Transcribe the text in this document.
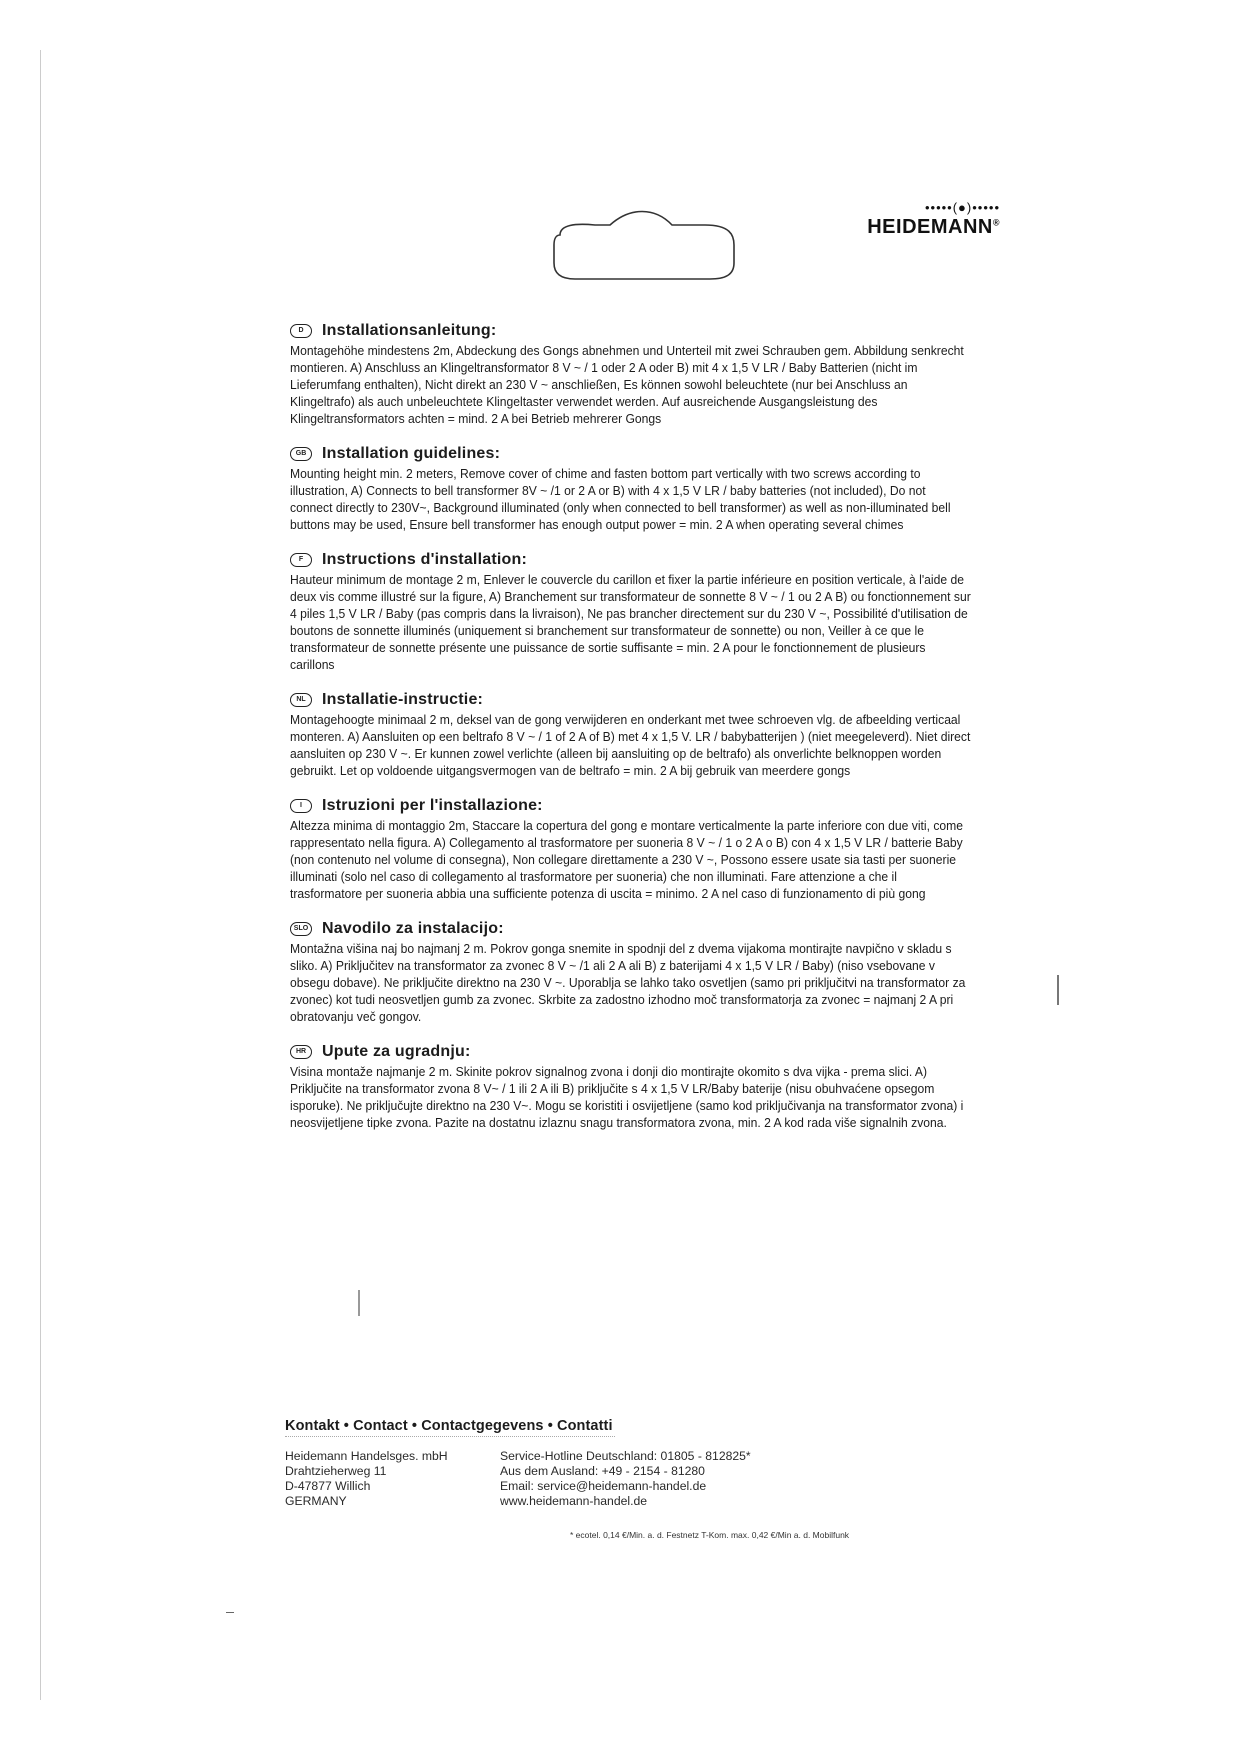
•••••(●)•••••
HEIDEMANN®
D	Installationsanleitung:

Montagehöhe mindestens 2m, Abdeckung des Gongs abnehmen und Unterteil mit zwei Schrauben gem. Abbildung senkrecht montieren. A) Anschluss an Klingeltransformator 8 V ~ / 1 oder 2 A oder B) mit 4 x 1,5 V LR / Baby Batterien (nicht im Lieferumfang enthalten), Nicht direkt an 230 V ~ anschließen, Es können sowohl beleuchtete (nur bei Anschluss an Klingeltrafo) als auch unbeleuchtete Klingeltaster verwendet werden. Auf ausreichende Ausgangsleistung des Klingeltransformators achten = mind. 2 A bei Betrieb mehrerer Gongs

GB Installation guidelines:

Mounting height min. 2 meters, Remove cover of chime and fasten bottom part vertically with two screws according to illustration, A) Connects to bell transformer 8V ~ /1 or 2 A or B) with 4 x 1,5 V LR / baby batteries (not included), Do not connect directly to 230V~, Background illuminated (only when connected to bell transformer) as well as non-illuminated bell buttons may be used, Ensure bell transformer has enough output power = min. 2 A when operating several chimes

F	Instructions d'installation:

Hauteur minimum de montage 2 m, Enlever le couvercle du carillon et fixer la partie inférieure en position verticale, à l'aide de deux vis comme illustré sur la figure, A) Branchement sur transformateur de sonnette 8 V ~ / 1 ou 2 A B) ou fonctionnement sur 4 piles 1,5 V LR / Baby (pas compris dans la livraison), Ne pas brancher directement sur du 230 V ~, Possibilité d'utilisation de boutons de sonnette illuminés (uniquement si branchement sur transformateur de sonnette) ou non, Veiller à ce que le transformateur de sonnette présente une puissance de sortie suffisante = min. 2 A pour le fonctionnement de plusieurs carillons

NL	Installatie-instructie:

Montagehoogte minimaal 2 m, deksel van de gong verwijderen en onderkant met twee schroeven vlg. de afbeelding verticaal monteren. A) Aansluiten op een beltrafo 8 V ~ / 1 of 2 A of B) met 4 x 1,5 V. LR / babybatterijen ) (niet meegeleverd). Niet direct aansluiten op 230 V ~. Er kunnen zowel verlichte (alleen bij aansluiting op de beltrafo) als onverlichte belknoppen worden gebruikt. Let op voldoende uitgangsvermogen van de beltrafo = min. 2 A bij gebruik van meerdere gongs

I	Istruzioni per l'installazione:

Altezza minima di montaggio 2m, Staccare la copertura del gong e montare verticalmente la parte inferiore con due viti, come rappresentato nella figura. A) Collegamento al trasformatore per suoneria 8 V ~ / 1 o 2 A o B) con 4 x 1,5 V LR / batterie Baby (non contenuto nel volume di consegna), Non collegare direttamente a 230 V ~, Possono essere usate sia tasti per suonerie illuminati (solo nel caso di collegamento al trasformatore per suoneria) che non illuminati. Fare attenzione a che il trasformatore per suoneria abbia una sufficiente potenza di uscita = minimo. 2 A nel caso di funzionamento di più gong

SLO Navodilo za instalacijo:

Montažna višina naj bo najmanj 2 m. Pokrov gonga snemite in spodnji del z dvema vijakoma montirajte navpično v skladu s sliko. A) Priključitev na transformator za zvonec 8 V ~ /1 ali 2 A ali B) z baterijami 4 x 1,5 V LR / Baby) (niso vsebovane v obsegu dobave). Ne priključite direktno na 230 V ~. Uporablja se lahko tako osvetljen (samo pri priključitvi na transformator za zvonec) kot tudi neosvetljen gumb za zvonec. Skrbite za zadostno izhodno moč transformatorja za zvonec = najmanj 2 A pri obratovanju več gongov.

HR Upute za ugradnju:

Visina montaže najmanje 2 m. Skinite pokrov signalnog zvona i donji dio montirajte okomito s dva vijka - prema slici. A) Priključite na transformator zvona 8 V~ / 1 ili 2 A ili B) priključite s 4 x 1,5 V LR/Baby baterije (nisu obuhvaćene opsegom isporuke). Ne priključujte direktno na 230 V~. Mogu se koristiti i osvijetljene (samo kod priključivanja na transformator zvona) i neosvijetljene tipke zvona. Pazite na dostatnu izlaznu snagu transformatora zvona, min. 2 A kod rada više signalnih zvona.

Kontakt • Contact • Contactgegevens • Contatti
Heidemann Handelsges. mbH
Drahtzieherweg 11
D-47877 Willich
GERMANY
Service-Hotline Deutschland: 01805 - 812825*
Aus dem Ausland: +49 - 2154 - 81280
Email: service@heidemann-handel.de
www.heidemann-handel.de
* ecotel. 0,14 €/Min. a. d. Festnetz T-Kom. max. 0,42 €/Min a. d. Mobilfunk
